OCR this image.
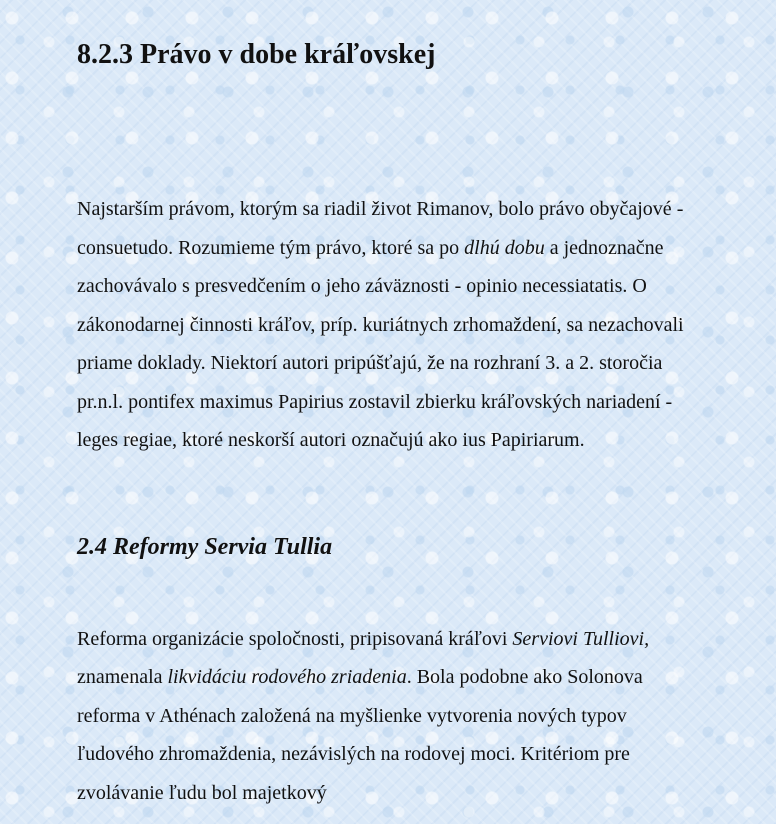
8.2.3 Právo v dobe kráľovskej

Najstarším právom, ktorým sa riadil život Rimanov, bolo právo obyčajové - consuetudo. Rozumieme tým právo, ktoré sa po dlhú dobu a jednoznačne zachovávalo s presvedčením o jeho záväznosti - opinio necessiatatis. O zákonodarnej činnosti kráľov, príp. kuriátnych zrhomaždení, sa nezachovali priame doklady. Niektorí autori pripúšťajú, že na rozhraní 3. a 2. storočia pr.n.l. pontifex maximus Papirius zostavil zbierku kráľovských nariadení - leges regiae, ktoré neskorší autori označujú ako ius Papiriarum.

2.4 Reformy Servia Tullia

Reforma organizácie spoločnosti, pripisovaná kráľovi Serviovi Tulliovi, znamenala likvidáciu rodového zriadenia. Bola podobne ako Solonova reforma v Athénach založená na myšlienke vytvorenia nových typov ľudového zhromaždenia, nezávislých na rodovej moci. Kritériom pre zvolávanie ľudu bol majetkový
